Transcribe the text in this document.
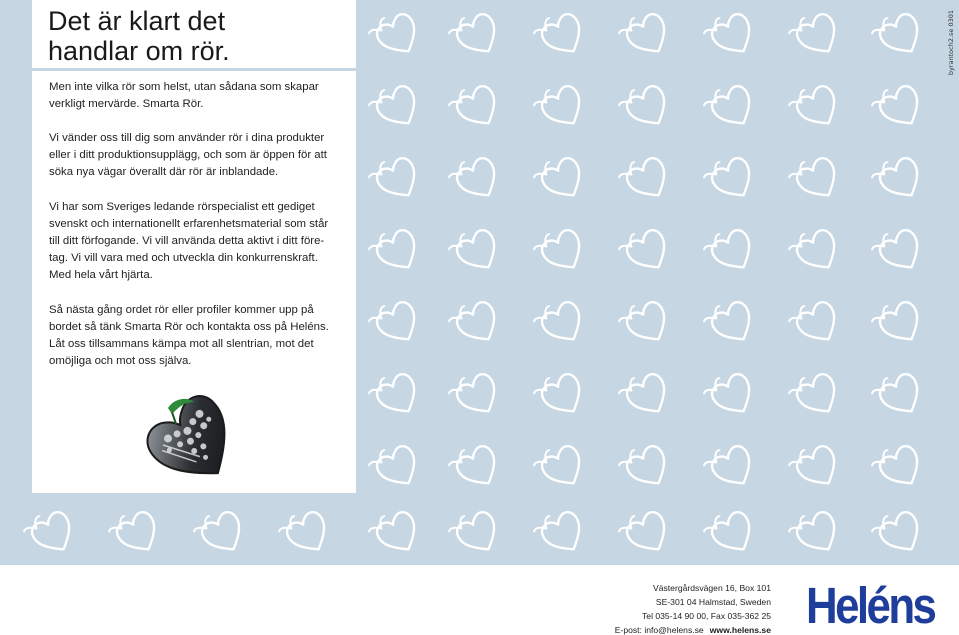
Det är klart det
handlar om rör.
Men inte vilka rör som helst, utan sådana som skapar
verkligt mervärde. Smarta Rör.
Vi vänder oss till dig som använder rör i dina produkter
eller i ditt produktionsupplägg, och som är öppen för att
söka nya vägar överallt där rör är inblandade.
Vi har som Sveriges ledande rörspecialist ett gediget
svenskt och internationellt erfarenhetsmaterial som står
till ditt förfogande. Vi vill använda detta aktivt i ditt före-
tag. Vi vill vara med och utveckla din konkurrenskraft.
Med hela vårt hjärta.
Så nästa gång ordet rör eller profiler kommer upp på
bordet så tänk Smarta Rör och kontakta oss på Heléns.
Låt oss tillsammans kämpa mot all slentrian, mot det
omöjliga och mot oss själva.
byrantoch2.se 0301
Västergårdsvägen 16, Box 101
SE-301 04 Halmstad, Sweden
Tel 035-14 90 00, Fax 035-362 25
E-post: info@helens.se www.helens.se Heléns
